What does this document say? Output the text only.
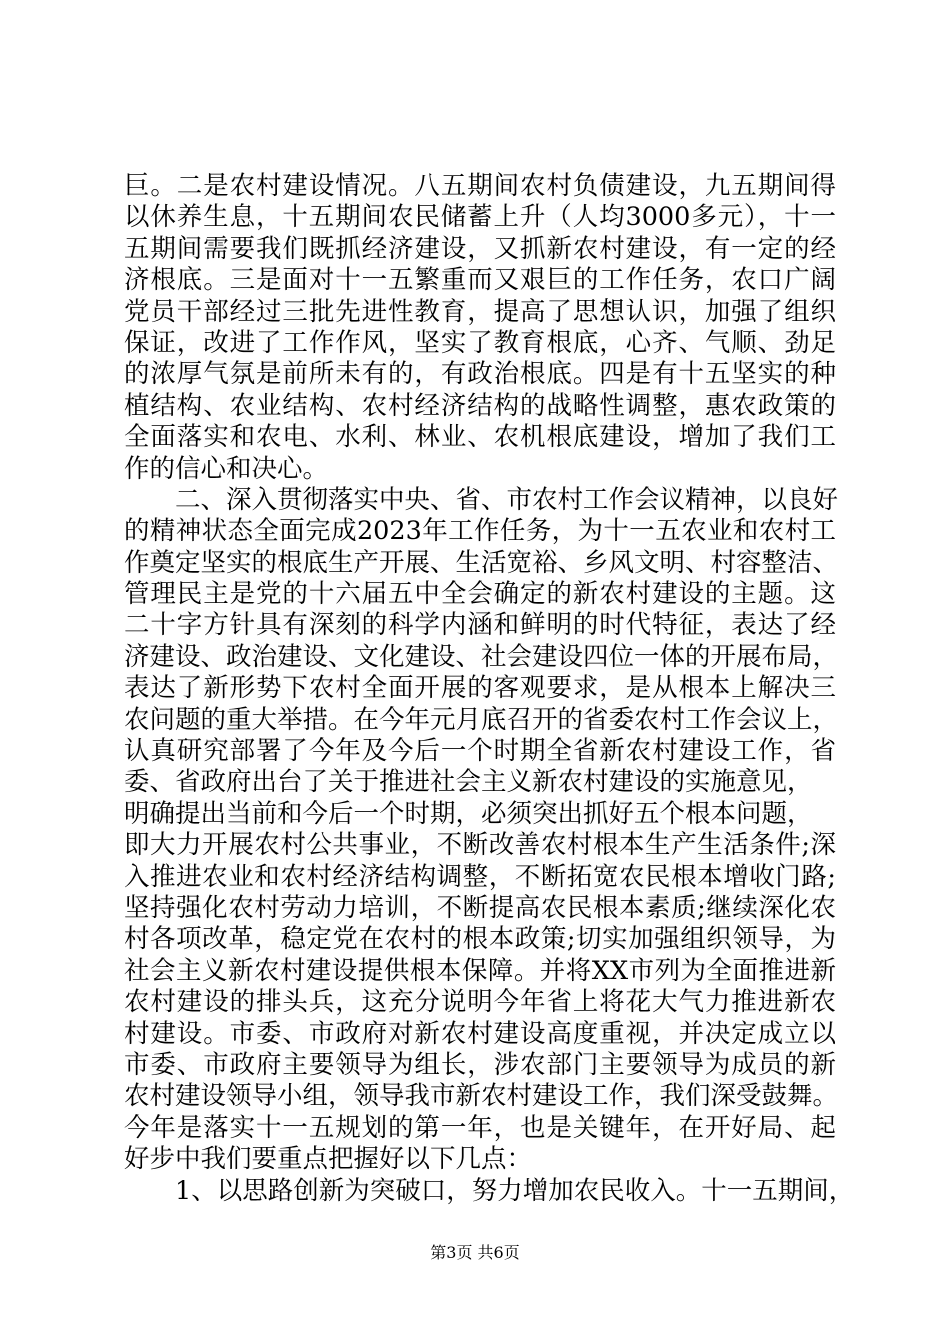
巨。二是农村建设情况。八五期间农村负债建设，九五期间得
以休养生息，十五期间农民储蓄上升（人均3000多元），十一
五期间需要我们既抓经济建设，又抓新农村建设，有一定的经
济根底。三是面对十一五繁重而又艰巨的工作任务，农口广阔
党员干部经过三批先进性教育，提高了思想认识，加强了组织
保证，改进了工作作风，坚实了教育根底，心齐、气顺、劲足
的浓厚气氛是前所未有的，有政治根底。四是有十五坚实的种
植结构、农业结构、农村经济结构的战略性调整，惠农政策的
全面落实和农电、水利、林业、农机根底建设，增加了我们工
作的信心和决心。
　　二、深入贯彻落实中央、省、市农村工作会议精神，以良好
的精神状态全面完成2023年工作任务，为十一五农业和农村工
作奠定坚实的根底生产开展、生活宽裕、乡风文明、村容整洁、
管理民主是党的十六届五中全会确定的新农村建设的主题。这
二十字方针具有深刻的科学内涵和鲜明的时代特征，表达了经
济建设、政治建设、文化建设、社会建设四位一体的开展布局，
表达了新形势下农村全面开展的客观要求，是从根本上解决三
农问题的重大举措。在今年元月底召开的省委农村工作会议上，
认真研究部署了今年及今后一个时期全省新农村建设工作，省
委、省政府出台了关于推进社会主义新农村建设的实施意见，
明确提出当前和今后一个时期，必须突出抓好五个根本问题，
即大力开展农村公共事业，不断改善农村根本生产生活条件;深
入推进农业和农村经济结构调整，不断拓宽农民根本增收门路;
坚持强化农村劳动力培训，不断提高农民根本素质;继续深化农
村各项改革，稳定党在农村的根本政策;切实加强组织领导，为
社会主义新农村建设提供根本保障。并将XX市列为全面推进新
农村建设的排头兵，这充分说明今年省上将花大气力推进新农
村建设。市委、市政府对新农村建设高度重视，并决定成立以
市委、市政府主要领导为组长，涉农部门主要领导为成员的新
农村建设领导小组，领导我市新农村建设工作，我们深受鼓舞。
今年是落实十一五规划的第一年，也是关键年，在开好局、起
好步中我们要重点把握好以下几点：
　　1、以思路创新为突破口，努力增加农民收入。十一五期间，
第3页 共6页
